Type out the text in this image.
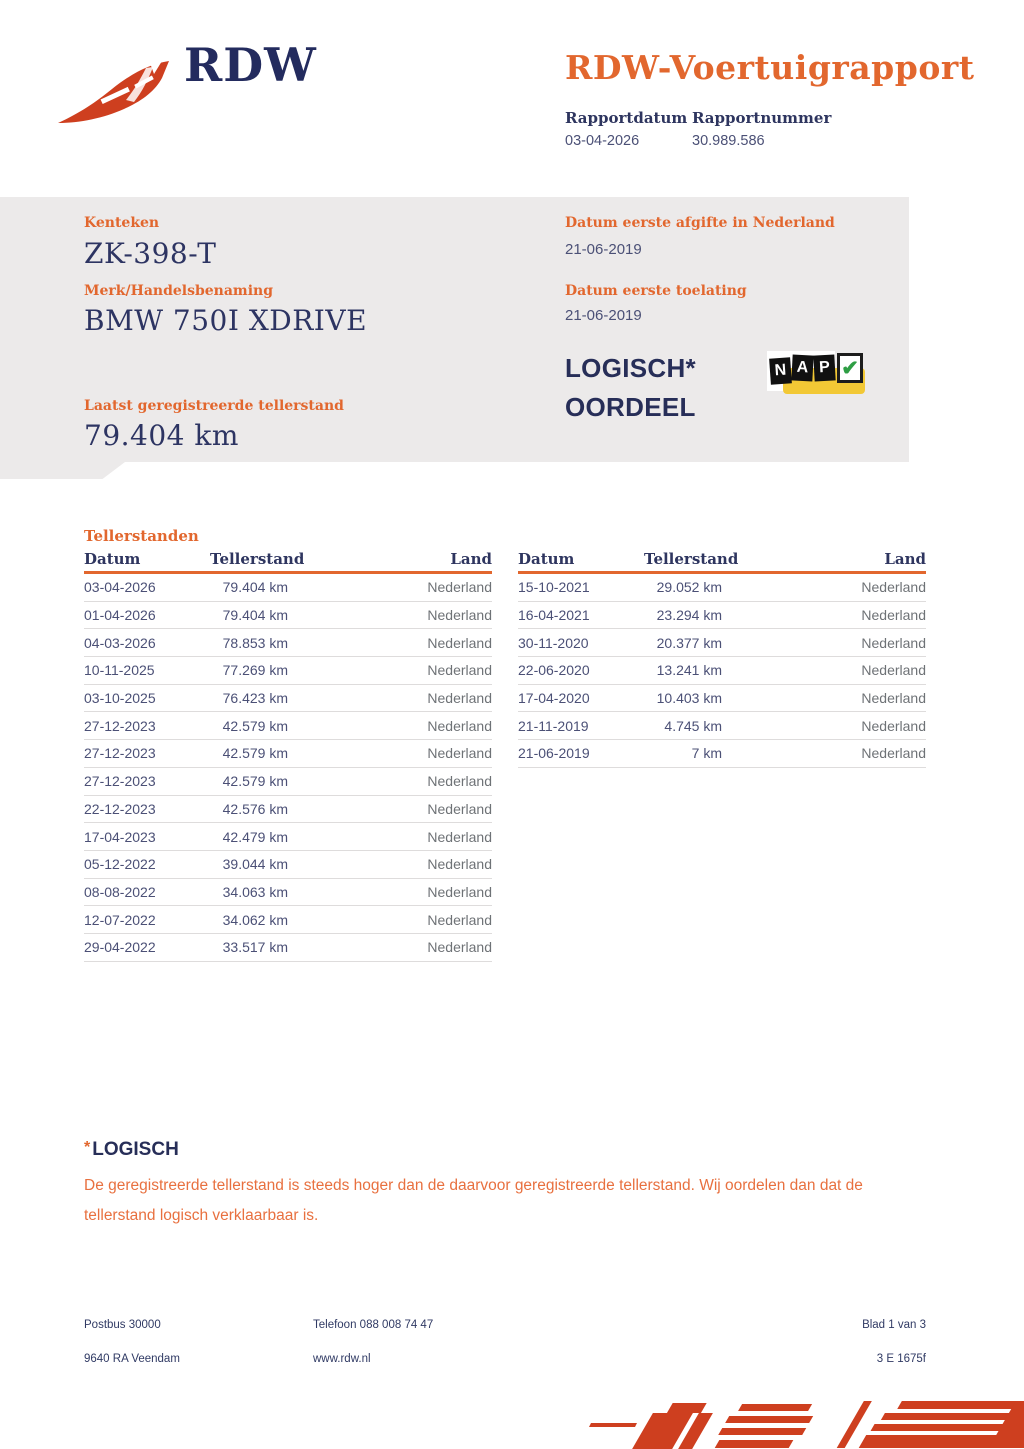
RDW	RDW-Voertuigrapport
Rapportdatum Rapportnummer
03-04-2026	30.989.586
Kenteken
ZK-398-T
Merk/Handelsbenaming
BMW 750I XDRIVE
Laatst geregistreerde tellerstand
79.404 km
Datum eerste afgifte in Nederland
21-06-2019
Datum eerste toelating
21-06-2019
LOGISCH*
OORDEEL
N A P ✔
Tellerstanden
Datum	Tellerstand	Land
03-04-2026	79.404 km	Nederland
01-04-2026	79.404 km	Nederland
04-03-2026	78.853 km	Nederland
10-11-2025	77.269 km	Nederland
03-10-2025	76.423 km	Nederland
27-12-2023	42.579 km	Nederland
27-12-2023	42.579 km	Nederland
27-12-2023	42.579 km	Nederland
22-12-2023	42.576 km	Nederland
17-04-2023	42.479 km	Nederland
05-12-2022	39.044 km	Nederland
08-08-2022	34.063 km	Nederland
12-07-2022	34.062 km	Nederland
29-04-2022	33.517 km	Nederland
Datum	Tellerstand	Land
15-10-2021	29.052 km	Nederland
16-04-2021	23.294 km	Nederland
30-11-2020	20.377 km	Nederland
22-06-2020	13.241 km	Nederland
17-04-2020	10.403 km	Nederland
21-11-2019	4.745 km	Nederland
21-06-2019	7 km	Nederland
* LOGISCH
De geregistreerde tellerstand is steeds hoger dan de daarvoor geregistreerde tellerstand. Wij oordelen dan dat de tellerstand logisch verklaarbaar is.
Postbus 30000
9640 RA Veendam
Telefoon 088 008 74 47
www.rdw.nl
Blad 1 van 3
3 E 1675f
